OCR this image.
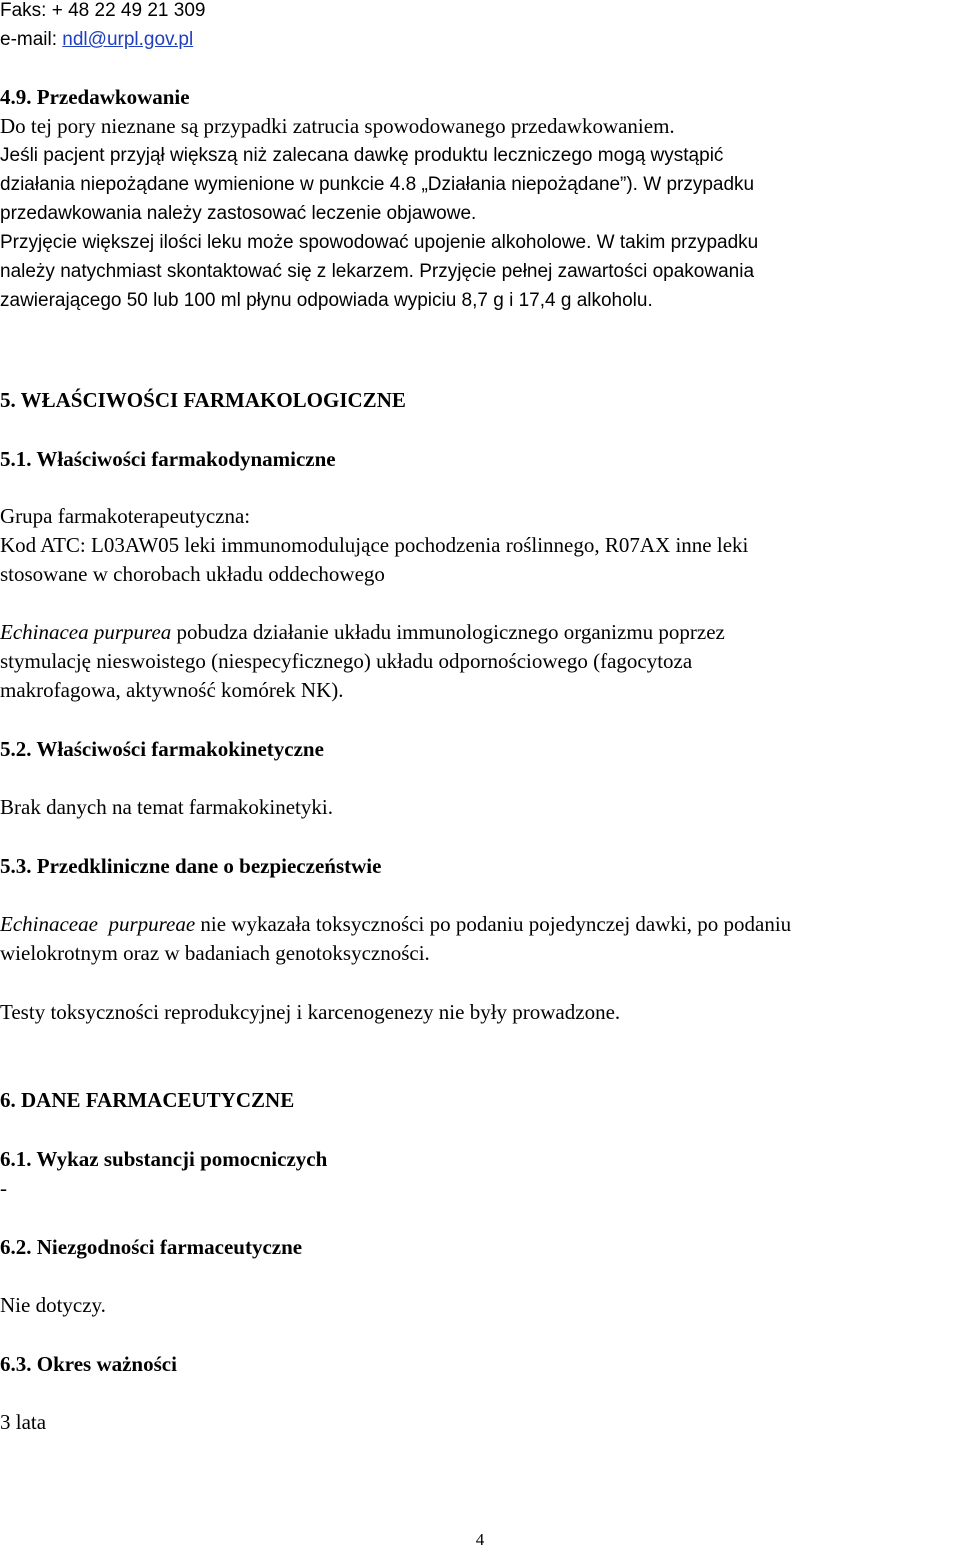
Faks: + 48 22 49 21 309
e-mail: ndl@urpl.gov.pl
4.9. Przedawkowanie
Do tej pory nieznane są przypadki zatrucia spowodowanego przedawkowaniem.
Jeśli pacjent przyjął większą niż zalecana dawkę produktu leczniczego mogą wystąpić
działania niepożądane wymienione w punkcie 4.8 „Działania niepożądane”). W przypadku
przedawkowania należy zastosować leczenie objawowe.
Przyjęcie większej ilości leku może spowodować upojenie alkoholowe. W takim przypadku
należy natychmiast skontaktować się z lekarzem. Przyjęcie pełnej zawartości opakowania
zawierającego 50 lub 100 ml płynu odpowiada wypiciu 8,7 g i 17,4 g alkoholu.
5. WŁAŚCIWOŚCI FARMAKOLOGICZNE
5.1. Właściwości farmakodynamiczne
Grupa farmakoterapeutyczna:
Kod ATC: L03AW05 leki immunomodulujące pochodzenia roślinnego, R07AX inne leki
stosowane w chorobach układu oddechowego
Echinacea purpurea pobudza działanie układu immunologicznego organizmu poprzez
stymulację nieswoistego (niespecyficznego) układu odpornościowego (fagocytoza
makrofagowa, aktywność komórek NK).
5.2. Właściwości farmakokinetyczne
Brak danych na temat farmakokinetyki.
5.3. Przedkliniczne dane o bezpieczeństwie
Echinaceae  purpureae nie wykazała toksyczności po podaniu pojedynczej dawki, po podaniu
wielokrotnym oraz w badaniach genotoksyczności.
Testy toksyczności reprodukcyjnej i karcenogenezy nie były prowadzone.
6. DANE FARMACEUTYCZNE
6.1. Wykaz substancji pomocniczych
-
6.2. Niezgodności farmaceutyczne
Nie dotyczy.
6.3. Okres ważności
3 lata
4
